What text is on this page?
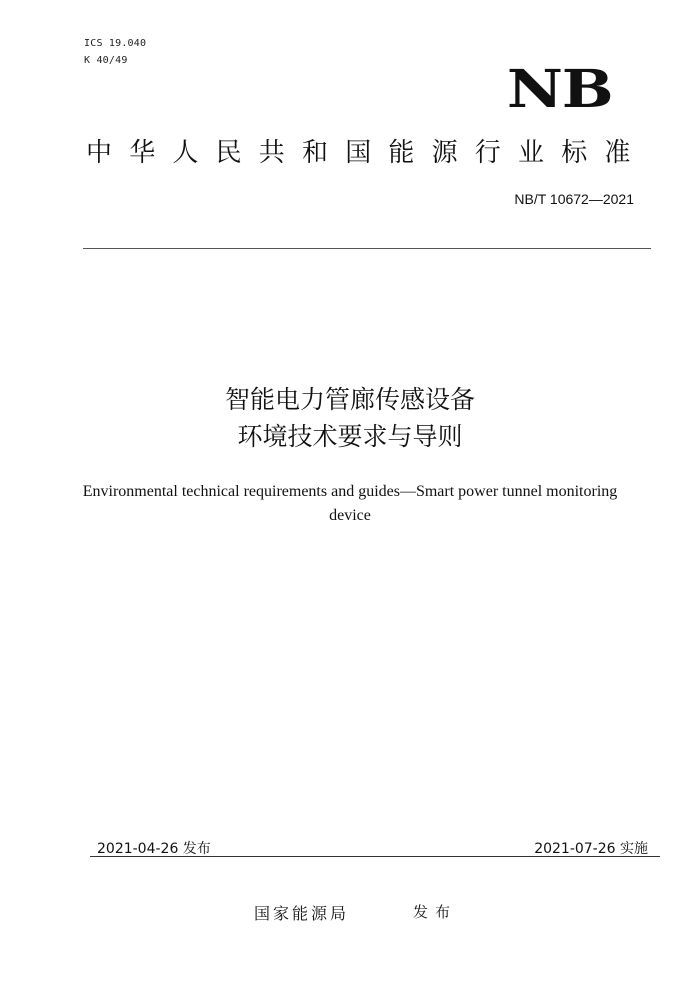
ICS 19.040
K 40/49	NB
中华人民共和国能源行业标准
NB/T 10672—2021
智能电力管廊传感设备
环境技术要求与导则
Environmental technical requirements and guides—Smart power tunnel monitoring device
2021-04-26 发布	2021-07-26 实施
国家能源局	发布
